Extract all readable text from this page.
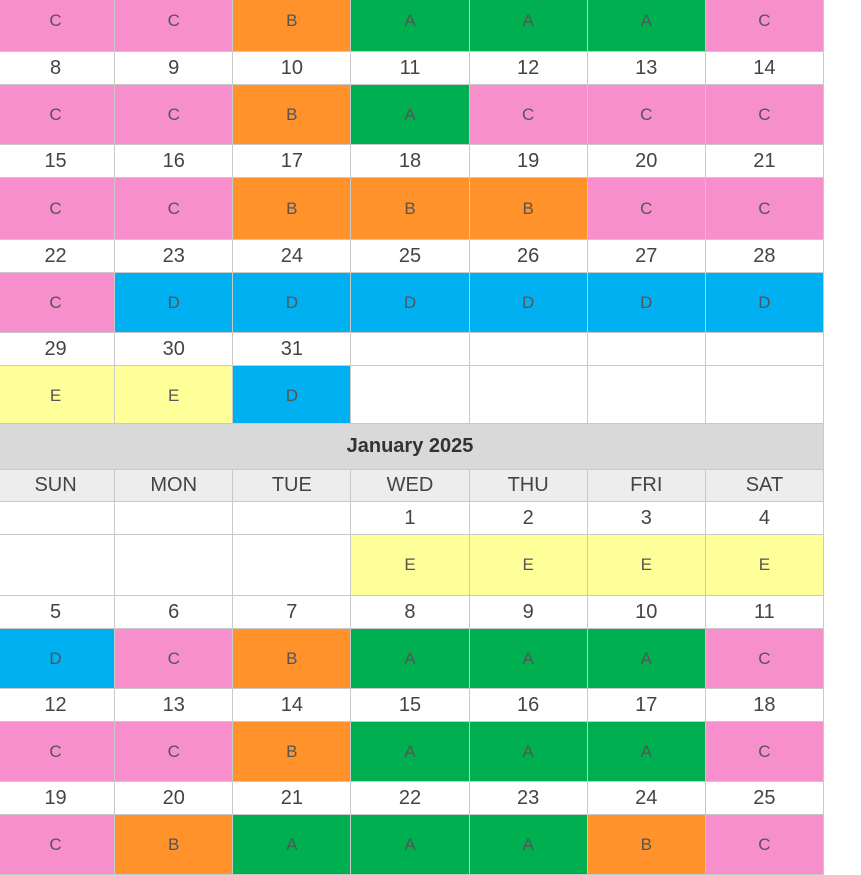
C	C	B	A	A	A	C
8	9	10	11	12	13	14
C	C	B	A	C	C	C
15	16	17	18	19	20	21
C	C	B	B	B	C	C
22	23	24	25	26	27	28
C	D	D	D	D	D	D
29	30	31				
E	E	D				
January 2025						
SUN	MON	TUE	WED	THU	FRI	SAT
			1	2	3	4
			E	E	E	E
5	6	7	8	9	10	11
D	C	B	A	A	A	C
12	13	14	15	16	17	18
C	C	B	A	A	A	C
19	20	21	22	23	24	25
C	B	A	A	A	B	C
